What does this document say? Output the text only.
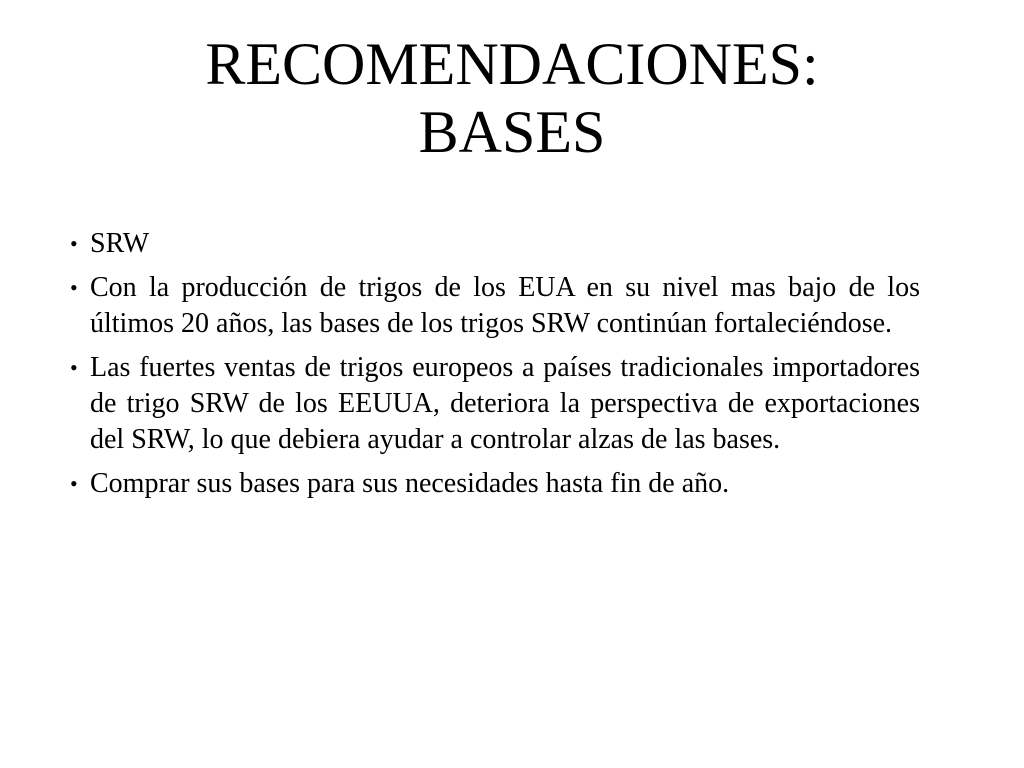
RECOMENDACIONES:
BASES
• SRW
• Con la producción de trigos de los EUA en su nivel mas bajo de los últimos 20 años, las bases de los trigos SRW continúan fortaleciéndose.
• Las fuertes ventas de trigos europeos a países tradicionales importadores de trigo SRW de los EEUUA, deteriora la perspectiva de exportaciones del SRW, lo que debiera ayudar a controlar alzas de las bases.
• Comprar sus bases para sus necesidades hasta fin de año.
